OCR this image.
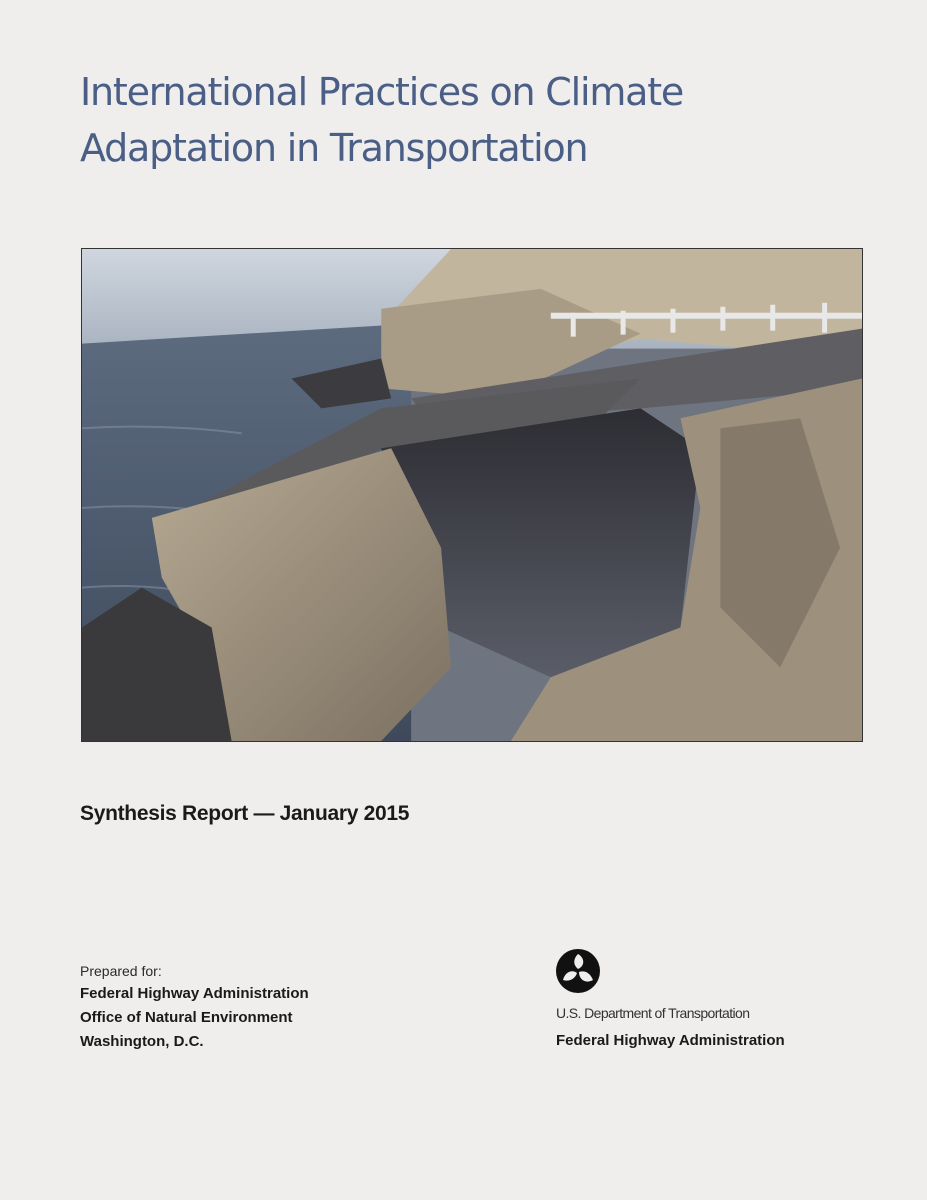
International Practices on Climate
Adaptation in Transportation
Synthesis Report — January 2015
Prepared for:
Federal Highway Administration
Office of Natural Environment
Washington, D.C.
U.S. Department of Transportation
Federal Highway Administration
